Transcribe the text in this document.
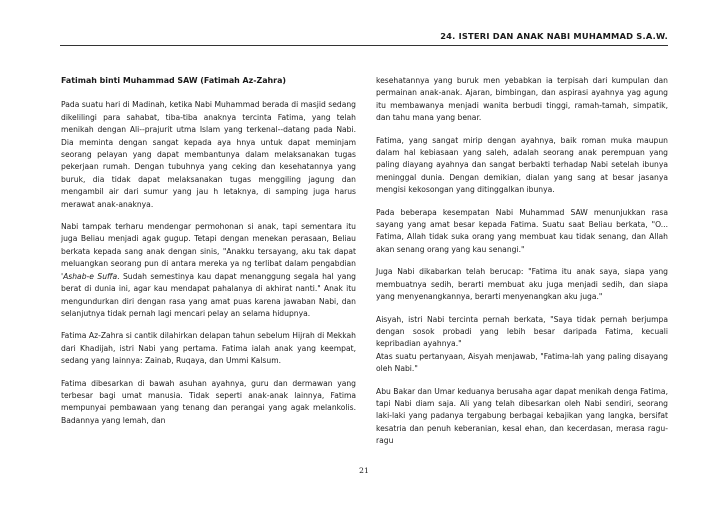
24. ISTERI DAN ANAK NABI MUHAMMAD S.A.W.
Fatimah binti Muhammad SAW (Fatimah Az-Zahra)

Pada suatu hari di Madinah, ketika Nabi Muhammad berada di masjid sedang dikelilingi para sahabat, tiba-tiba anaknya tercinta Fatima, yang telah menikah dengan Ali--prajurit utma Islam yang terkenal--datang pada Nabi. Dia meminta dengan sangat kepada aya hnya untuk dapat meminjam seorang pelayan yang dapat membantunya dalam melaksanakan tugas pekerjaan rumah. Dengan tubuhnya yang ceking dan kesehatannya yang buruk, dia tidak dapat melaksanakan tugas menggiling jagung dan mengambil air dari sumur yang jau h letaknya, di samping juga harus merawat anak-anaknya.

Nabi tampak terharu mendengar permohonan si anak, tapi sementara itu juga Beliau menjadi agak gugup. Tetapi dengan menekan perasaan, Beliau berkata kepada sang anak dengan sinis, "Anakku tersayang, aku tak dapat meluangkan seorang pun di antara mereka ya ng terlibat dalam pengabdian 'Ashab-e Suffa. Sudah semestinya kau dapat menanggung segala hal yang berat di dunia ini, agar kau mendapat pahalanya di akhirat nanti." Anak itu mengundurkan diri dengan rasa yang amat puas karena jawaban Nabi, dan selanjutnya tidak pernah lagi mencari pelay an selama hidupnya.

Fatima Az-Zahra si cantik dilahirkan delapan tahun sebelum Hijrah di Mekkah dari Khadijah, istri Nabi yang pertama. Fatima ialah anak yang keempat, sedang yang lainnya: Zainab, Ruqaya, dan Ummi Kalsum.

Fatima dibesarkan di bawah asuhan ayahnya, guru dan dermawan yang terbesar bagi umat manusia. Tidak seperti anak-anak lainnya, Fatima mempunyai pembawaan yang tenang dan perangai yang agak melankolis. Badannya yang lemah, dan

kesehatannya yang buruk men yebabkan ia terpisah dari kumpulan dan permainan anak-anak. Ajaran, bimbingan, dan aspirasi ayahnya yag agung itu membawanya menjadi wanita berbudi tinggi, ramah-tamah, simpatik, dan tahu mana yang benar.

Fatima, yang sangat mirip dengan ayahnya, baik roman muka maupun dalam hal kebiasaan yang saleh, adalah seorang anak perempuan yang paling diayang ayahnya dan sangat berbakti terhadap Nabi setelah ibunya meninggal dunia. Dengan demikian, dialan yang sang at besar jasanya mengisi kekosongan yang ditinggalkan ibunya.

Pada beberapa kesempatan Nabi Muhammad SAW menunjukkan rasa sayang yang amat besar kepada Fatima. Suatu saat Beliau berkata, "O... Fatima, Allah tidak suka orang yang membuat kau tidak senang, dan Allah akan senang orang yang kau senangi."

Juga Nabi dikabarkan telah berucap: "Fatima itu anak saya, siapa yang membuatnya sedih, berarti membuat aku juga menjadi sedih, dan siapa yang menyenangkannya, berarti menyenangkan aku juga."

Aisyah, istri Nabi tercinta pernah berkata, "Saya tidak pernah berjumpa dengan sosok probadi yang lebih besar daripada Fatima, kecuali kepribadian ayahnya."
Atas suatu pertanyaan, Aisyah menjawab, "Fatima-lah yang paling disayang oleh Nabi."

Abu Bakar dan Umar keduanya berusaha agar dapat menikah denga Fatima, tapi Nabi diam saja. Ali yang telah dibesarkan oleh Nabi sendiri, seorang laki-laki yang padanya tergabung berbagai kebajikan yang langka, bersifat kesatria dan penuh keberanian, kesal ehan, dan kecerdasan, merasa ragu-ragu

21
